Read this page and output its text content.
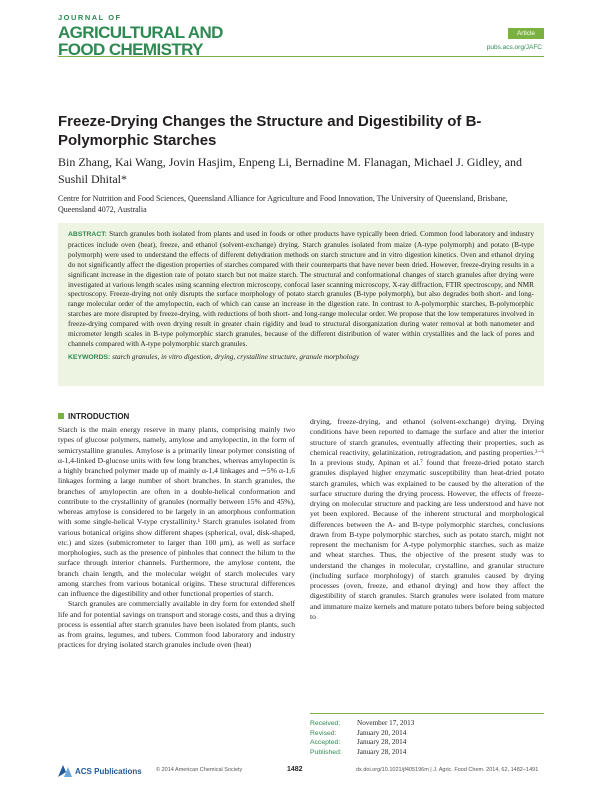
JOURNAL OF
AGRICULTURAL AND
FOOD CHEMISTRY
Article
pubs.acs.org/JAFC
Freeze-Drying Changes the Structure and Digestibility of B-Polymorphic Starches
Bin Zhang, Kai Wang, Jovin Hasjim, Enpeng Li, Bernadine M. Flanagan, Michael J. Gidley, and Sushil Dhital*
Centre for Nutrition and Food Sciences, Queensland Alliance for Agriculture and Food Innovation, The University of Queensland, Brisbane, Queensland 4072, Australia
ABSTRACT: Starch granules both isolated from plants and used in foods or other products have typically been dried. Common food laboratory and industry practices include oven (heat), freeze, and ethanol (solvent-exchange) drying. Starch granules isolated from maize (A-type polymorph) and potato (B-type polymorph) were used to understand the effects of different dehydration methods on starch structure and in vitro digestion kinetics. Oven and ethanol drying do not significantly affect the digestion properties of starches compared with their counterparts that have never been dried. However, freeze-drying results in a significant increase in the digestion rate of potato starch but not maize starch. The structural and conformational changes of starch granules after drying were investigated at various length scales using scanning electron microscopy, confocal laser scanning microscopy, X-ray diffraction, FTIR spectroscopy, and NMR spectroscopy. Freeze-drying not only disrupts the surface morphology of potato starch granules (B-type polymorph), but also degrades both short- and long-range molecular order of the amylopectin, each of which can cause an increase in the digestion rate. In contrast to A-polymorphic starches, B-polymorphic starches are more disrupted by freeze-drying, with reductions of both short- and long-range molecular order. We propose that the low temperatures involved in freeze-drying compared with oven drying result in greater chain rigidity and lead to structural disorganization during water removal at both nanometer and micrometer length scales in B-type polymorphic starch granules, because of the different distribution of water within crystallites and the lack of pores and channels compared with A-type polymorphic starch granules.
KEYWORDS: starch granules, in vitro digestion, drying, crystalline structure, granule morphology
INTRODUCTION

Starch is the main energy reserve in many plants, comprising mainly two types of glucose polymers, namely, amylose and amylopectin, in the form of semicrystalline granules. Amylose is a primarily linear polymer consisting of α-1,4-linked D-glucose units with few long branches, whereas amylopectin is a highly branched polymer made up of mainly α-1,4 linkages and ∼5% α-1,6 linkages forming a large number of short branches. In starch granules, the branches of amylopectin are often in a double-helical conformation and contribute to the crystallinity of granules (normally between 15% and 45%), whereas amylose is considered to be largely in an amorphous conformation with some single-helical V-type crystallinity.¹ Starch granules isolated from various botanical origins show different shapes (spherical, oval, disk-shaped, etc.) and sizes (submicrometer to larger than 100 μm), as well as surface morphologies, such as the presence of pinholes that connect the hilum to the surface through interior channels. Furthermore, the amylose content, the branch chain length, and the molecular weight of starch molecules vary among starches from various botanical origins. These structural differences can influence the digestibility and other functional properties of starch.

Starch granules are commercially available in dry form for extended shelf life and for potential savings on transport and storage costs, and thus a drying process is essential after starch granules have been isolated from plants, such as from grains, legumes, and tubers. Common food laboratory and industry practices for drying isolated starch granules include oven (heat)

drying, freeze-drying, and ethanol (solvent-exchange) drying. Drying conditions have been reported to damage the surface and alter the interior structure of starch granules, eventually affecting their properties, such as chemical reactivity, gelatinization, retrogradation, and pasting properties.²⁻⁶ In a previous study, Apinan et al.⁷ found that freeze-dried potato starch granules displayed higher enzymatic susceptibility than heat-dried potato starch granules, which was explained to be caused by the alteration of the surface structure during the drying process. However, the effects of freeze-drying on molecular structure and packing are less understood and have not yet been explored. Because of the inherent structural and morphological differences between the A- and B-type polymorphic starches, conclusions drawn from B-type polymorphic starches, such as potato starch, might not represent the mechanism for A-type polymorphic starches, such as maize and wheat starches. Thus, the objective of the present study was to understand the changes in molecular, crystalline, and granular structure (including surface morphology) of starch granules caused by drying processes (oven, freeze, and ethanol drying) and how they affect the digestibility of starch granules. Starch granules were isolated from mature and immature maize kernels and mature potato tubers before being subjected to

Received:	November 17, 2013
Revised:	January 20, 2014
Accepted:	January 28, 2014
Published:	January 28, 2014
ACS Publications	© 2014 American Chemical Society	1482	dx.doi.org/10.1021/jf405196m | J. Agric. Food Chem. 2014, 62, 1482−1491
